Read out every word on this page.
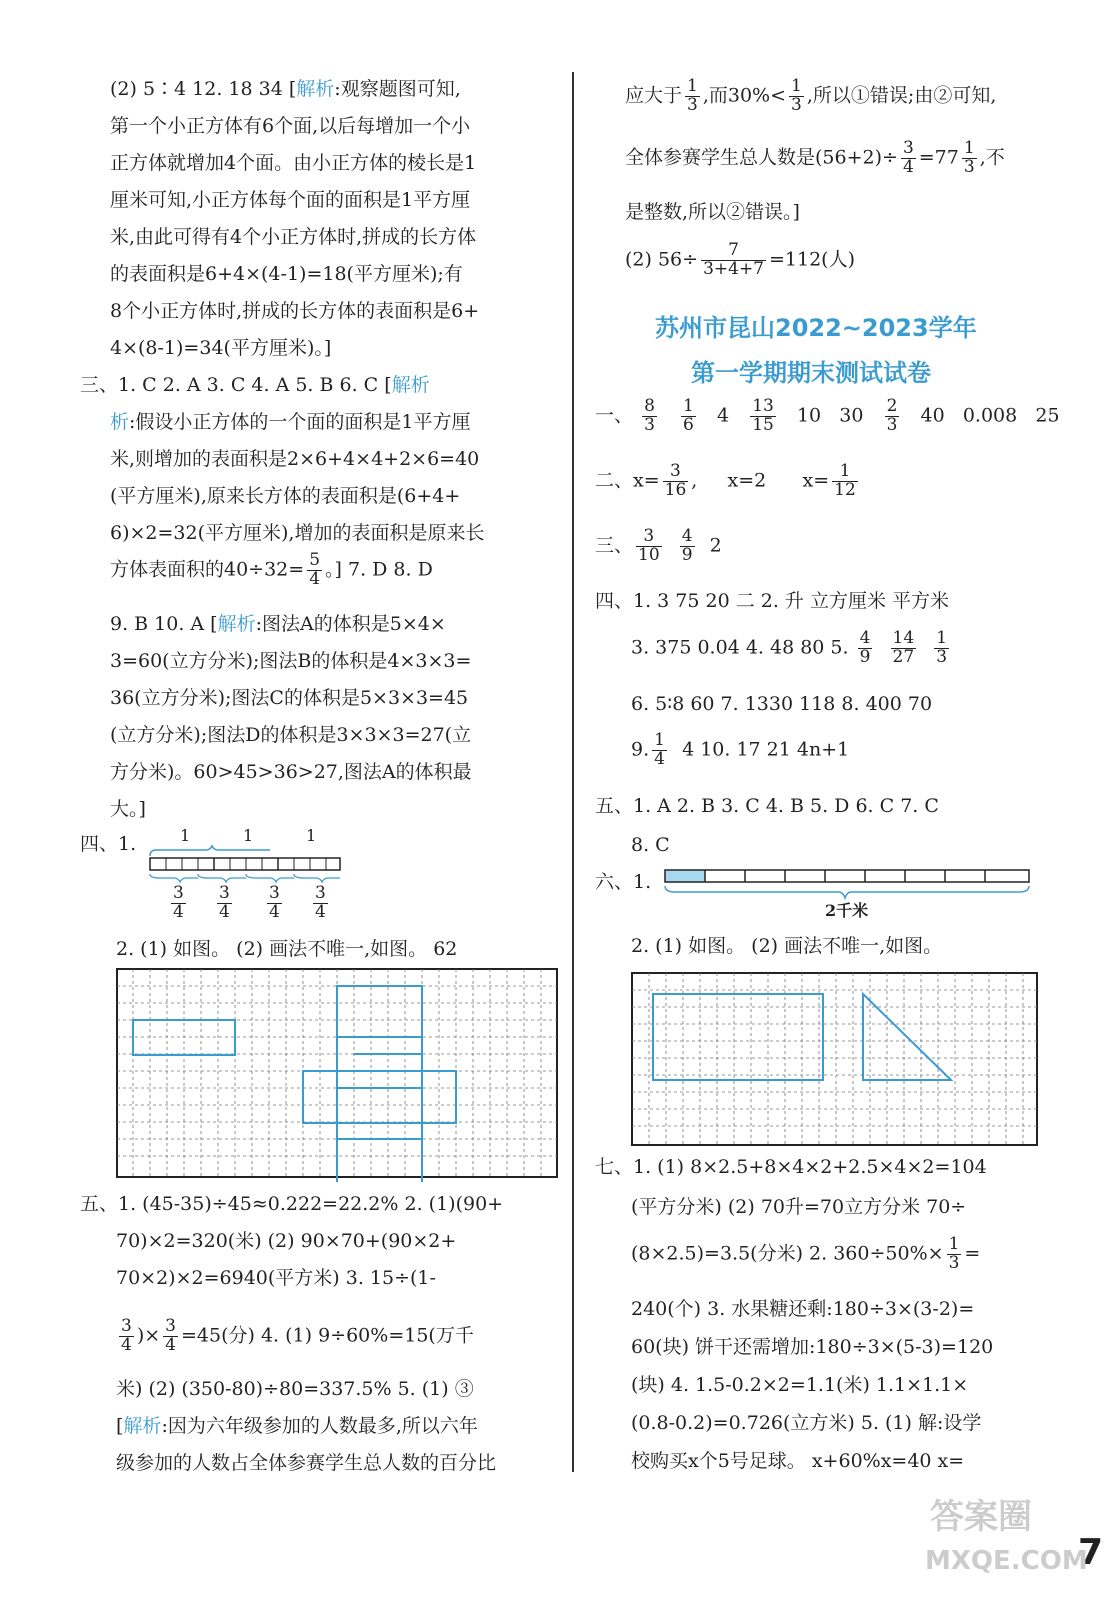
(2) 5∶4 12. 18 34 [解析:观察题图可知,
第一个小正方体有6个面,以后每增加一个小
正方体就增加4个面。由小正方体的棱长是1
厘米可知,小正方体每个面的面积是1平方厘
米,由此可得有4个小正方体时,拼成的长方体
的表面积是6+4×(4-1)=18(平方厘米);有
8个小正方体时,拼成的长方体的表面积是6+
4×(8-1)=34(平方厘米)。]
三、1. C 2. A 3. C 4. A 5. B 6. C [解析
析:假设小正方体的一个面的面积是1平方厘
米,则增加的表面积是2×6+4×4+2×6=40
(平方厘米),原来长方体的表面积是(6+4+
6)×2=32(平方厘米),增加的表面积是原来长
方体表面积的$40\div 32= \frac{5}{4}$ 。] 7. D 8. D
9. B 10. A [解析:图法A的体积是5×4×
3=60(立方分米);图法B的体积是4×3×3=
36(立方分米);图法C的体积是5×3×3=45
(立方分米);图法D的体积是3×3×3=27(立
方分米)。60>45>36>27,图法A的体积最
大。]
四、1.	1	1	1
$\frac{3}{4} \frac{3}{4} \frac{3}{4} \frac{3}{4}$
2. (1) 如图。 (2) 画法不唯一,如图。 62
五、1. (45-35)÷45≈0.222=22.2% 2. (1)(90+
70)×2=320(米) (2) 90×70+(90×2+
70×2)×2=6940(平方米) 3. 15÷(1-
$\frac{3}{4}$ )× $\frac{3}{4} =45$(分) 4. (1) 9÷60%=15(万千
米) (2) (350-80)÷80=337.5% 5. (1) ③
[解析:因为六年级参加的人数最多,所以六年
级参加的人数占全体参赛学生总人数的百分比
应大于 $\frac{1}{3}$ ,而$30\%< \frac{1}{3}$ ,所以①错误;由②可知,
全体参赛学生总人数是$(56+2)\div \frac{3}{4} =77 \frac{1}{3}$ ,不
是整数,所以②错误。]
(2) $56\div \frac{7}{3+4+7} =112$(人)
苏州市昆山2022~2023学年
第一学期期末测试试卷
一、 $\frac{8}{3}$
$\frac{1}{6} 4 \frac{13}{15} 10$ $30 \frac{2}{3} 40$ 0.008 25
二、$x= \frac{3}{16}$ ,     x=2 $x= \frac{1}{12}$
三、 $\frac{3}{10}$
$\frac{4}{9} 2$
四、1. 3 75 20 二 2. 升 立方厘米 平方米
3. 375 0.04 4. 48 80 5. $\frac{4}{9}$
$\frac{14}{27}$
$\frac{1}{3}$
6. 5∶8 60 7. 1330 118 8. 400 70
9. $\frac{1}{4} 4$ 10. 17 21 4n+1
五、1. A 2. B 3. C 4. B 5. D 6. C 7. C
8. C
六、1.
2千米
2. (1) 如图。 (2) 画法不唯一,如图。
七、1. (1) 8×2.5+8×4×2+2.5×4×2=104
(平方分米) (2) 70升=70立方分米 70÷
(8×2.5)=3.5(分米) 2. $360\div 50\%\times \frac{1}{3}$ =
240(个) 3. 水果糖还剩:180÷3×(3-2)=
60(块) 饼干还需增加:180÷3×(5-3)=120
(块) 4. 1.5-0.2×2=1.1(米) 1.1×1.1×
(0.8-0.2)=0.726(立方米) 5. (1) 解:设学
校购买x个5号足球。 x+60%x=40 x=
7
答案圈
MXQE.COM
